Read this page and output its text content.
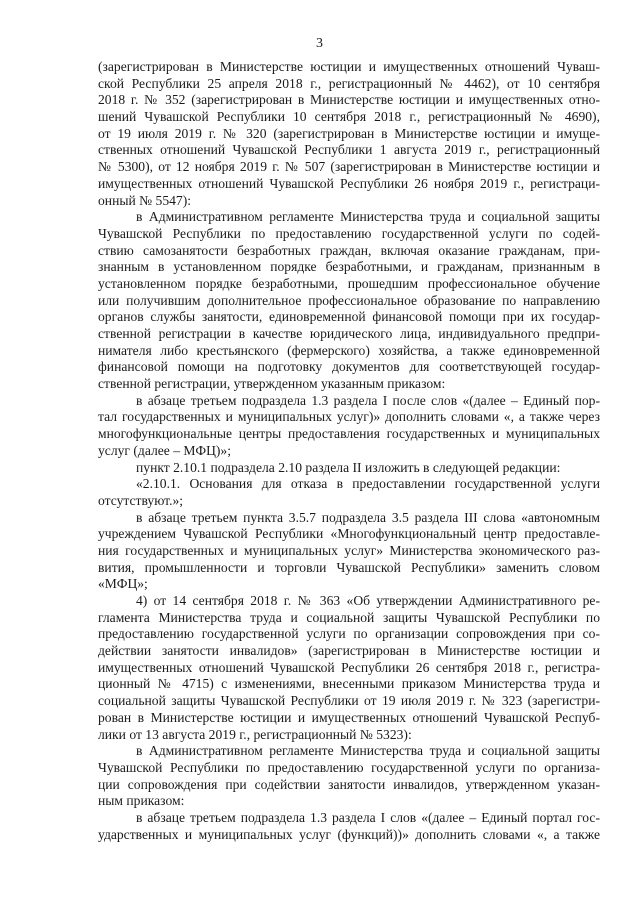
3
(зарегистрирован в Министерстве юстиции и имущественных отношений Чуваш-
ской Республики 25 апреля 2018 г., регистрационный № 4462), от 10 сентября
2018 г. № 352 (зарегистрирован в Министерстве юстиции и имущественных отно-
шений Чувашской Республики 10 сентября 2018 г., регистрационный № 4690),
от 19 июля 2019 г. № 320 (зарегистрирован в Министерстве юстиции и имуще-
ственных отношений Чувашской Республики 1 августа 2019 г., регистрационный
№ 5300), от 12 ноября 2019 г. № 507 (зарегистрирован в Министерстве юстиции и
имущественных отношений Чувашской Республики 26 ноября 2019 г., регистраци-
онный № 5547):
в Административном регламенте Министерства труда и социальной защиты
Чувашской Республики по предоставлению государственной услуги по содей-
ствию самозанятости безработных граждан, включая оказание гражданам, при-
знанным в установленном порядке безработными, и гражданам, признанным в
установленном порядке безработными, прошедшим профессиональное обучение
или получившим дополнительное профессиональное образование по направлению
органов службы занятости, единовременной финансовой помощи при их государ-
ственной регистрации в качестве юридического лица, индивидуального предпри-
нимателя либо крестьянского (фермерского) хозяйства, а также единовременной
финансовой помощи на подготовку документов для соответствующей государ-
ственной регистрации, утвержденном указанным приказом:
в абзаце третьем подраздела 1.3 раздела I после слов «(далее – Единый пор-
тал государственных и муниципальных услуг)» дополнить словами «, а также через
многофункциональные центры предоставления государственных и муниципальных
услуг (далее – МФЦ)»;
пункт 2.10.1 подраздела 2.10 раздела II изложить в следующей редакции:
«2.10.1. Основания для отказа в предоставлении государственной услуги
отсутствуют.»;
в абзаце третьем пункта 3.5.7 подраздела 3.5 раздела III слова «автономным
учреждением Чувашской Республики «Многофункциональный центр предоставле-
ния государственных и муниципальных услуг» Министерства экономического раз-
вития, промышленности и торговли Чувашской Республики» заменить словом
«МФЦ»;
4) от 14 сентября 2018 г. № 363 «Об утверждении Административного ре-
гламента Министерства труда и социальной защиты Чувашской Республики по
предоставлению государственной услуги по организации сопровождения при со-
действии занятости инвалидов» (зарегистрирован в Министерстве юстиции и
имущественных отношений Чувашской Республики 26 сентября 2018 г., регистра-
ционный № 4715) с изменениями, внесенными приказом Министерства труда и
социальной защиты Чувашской Республики от 19 июля 2019 г. № 323 (зарегистри-
рован в Министерстве юстиции и имущественных отношений Чувашской Респуб-
лики от 13 августа 2019 г., регистрационный № 5323):
в Административном регламенте Министерства труда и социальной защиты
Чувашской Республики по предоставлению государственной услуги по организа-
ции сопровождения при содействии занятости инвалидов, утвержденном указан-
ным приказом:
в абзаце третьем подраздела 1.3 раздела I слов «(далее – Единый портал гос-
ударственных и муниципальных услуг (функций))» дополнить словами «, а также
